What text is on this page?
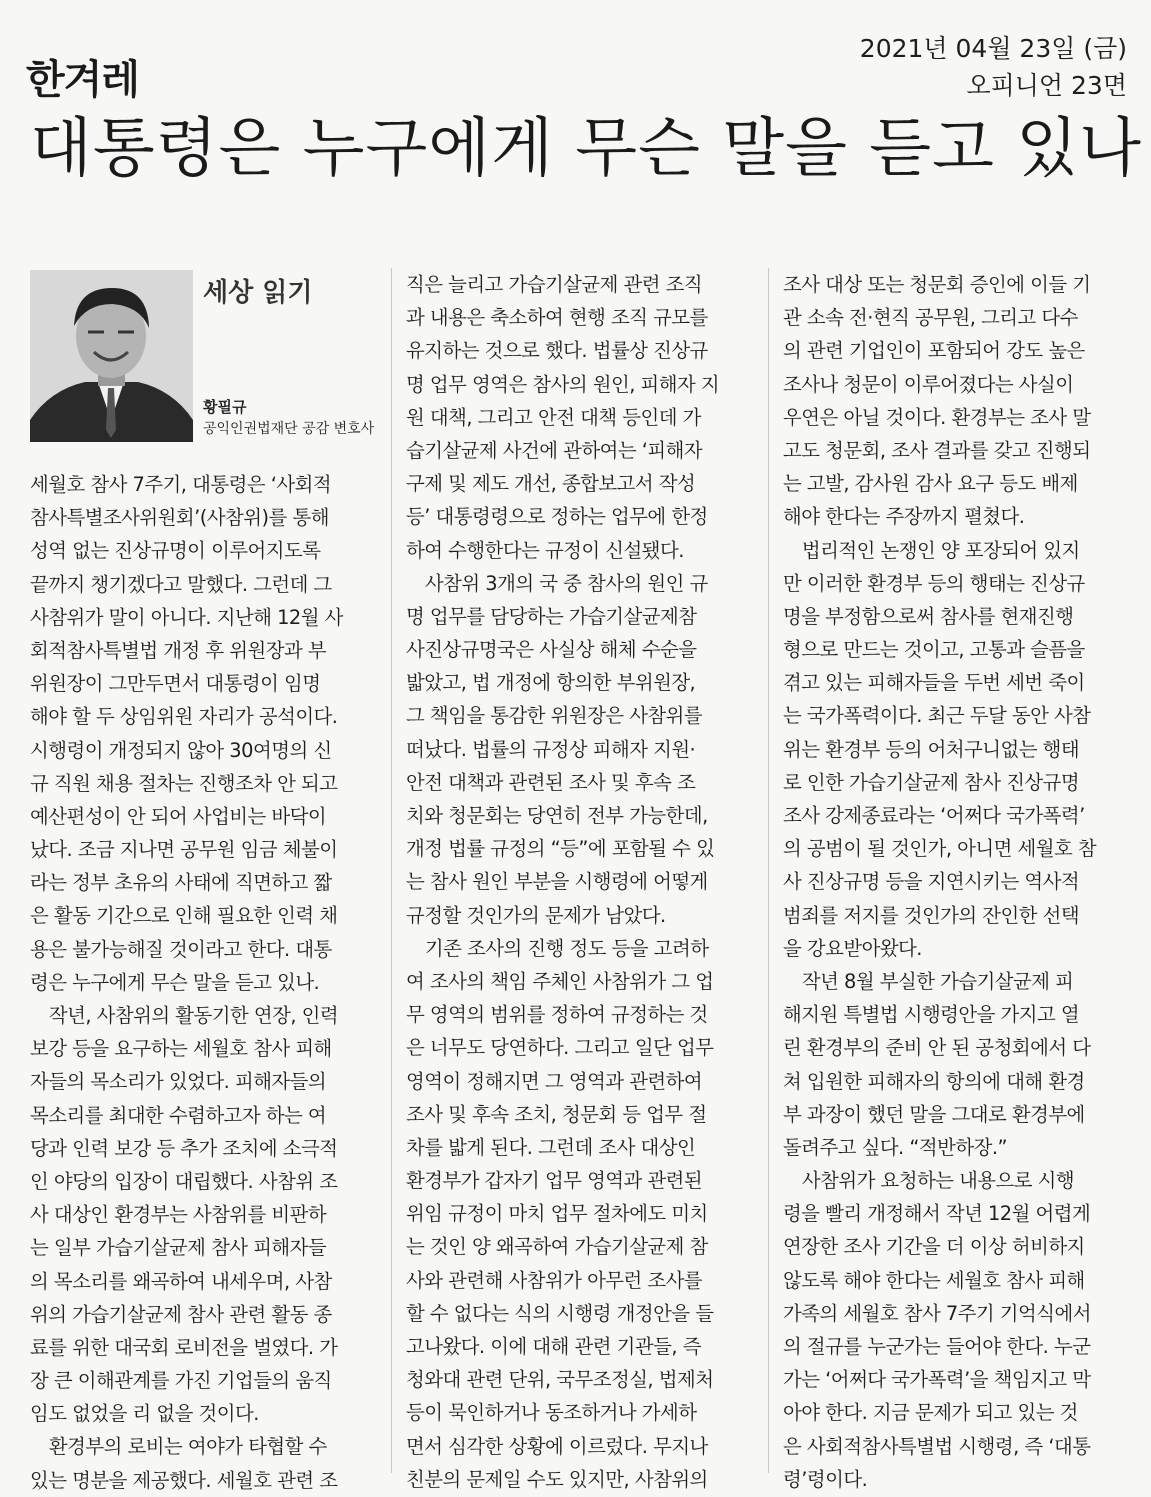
한겨레
2021년 04월 23일 (금)
오피니언 23면
대통령은 누구에게 무슨 말을 듣고 있나
세상 읽기
황필규
공익인권법재단 공감 변호사
세월호 참사 7주기, 대통령은 ‘사회적
참사특별조사위원회’(사참위)를 통해
성역 없는 진상규명이 이루어지도록
끝까지 챙기겠다고 말했다. 그런데 그
사참위가 말이 아니다. 지난해 12월 사
회적참사특별법 개정 후 위원장과 부
위원장이 그만두면서 대통령이 임명
해야 할 두 상임위원 자리가 공석이다.
시행령이 개정되지 않아 30여명의 신
규 직원 채용 절차는 진행조차 안 되고
예산편성이 안 되어 사업비는 바닥이
났다. 조금 지나면 공무원 임금 체불이
라는 정부 초유의 사태에 직면하고 짧
은 활동 기간으로 인해 필요한 인력 채
용은 불가능해질 것이라고 한다. 대통
령은 누구에게 무슨 말을 듣고 있나.
　작년, 사참위의 활동기한 연장, 인력
보강 등을 요구하는 세월호 참사 피해
자들의 목소리가 있었다. 피해자들의
목소리를 최대한 수렴하고자 하는 여
당과 인력 보강 등 추가 조치에 소극적
인 야당의 입장이 대립했다. 사참위 조
사 대상인 환경부는 사참위를 비판하
는 일부 가습기살균제 참사 피해자들
의 목소리를 왜곡하여 내세우며, 사참
위의 가습기살균제 참사 관련 활동 종
료를 위한 대국회 로비전을 벌였다. 가
장 큰 이해관계를 가진 기업들의 움직
임도 없었을 리 없을 것이다.
　환경부의 로비는 여야가 타협할 수
있는 명분을 제공했다. 세월호 관련 조
직은 늘리고 가습기살균제 관련 조직
과 내용은 축소하여 현행 조직 규모를
유지하는 것으로 했다. 법률상 진상규
명 업무 영역은 참사의 원인, 피해자 지
원 대책, 그리고 안전 대책 등인데 가
습기살균제 사건에 관하여는 ‘피해자
구제 및 제도 개선, 종합보고서 작성
등’ 대통령령으로 정하는 업무에 한정
하여 수행한다는 규정이 신설됐다.
　사참위 3개의 국 중 참사의 원인 규
명 업무를 담당하는 가습기살균제참
사진상규명국은 사실상 해체 수순을
밟았고, 법 개정에 항의한 부위원장,
그 책임을 통감한 위원장은 사참위를
떠났다. 법률의 규정상 피해자 지원·
안전 대책과 관련된 조사 및 후속 조
치와 청문회는 당연히 전부 가능한데,
개정 법률 규정의 “등”에 포함될 수 있
는 참사 원인 부분을 시행령에 어떻게
규정할 것인가의 문제가 남았다.
　기존 조사의 진행 정도 등을 고려하
여 조사의 책임 주체인 사참위가 그 업
무 영역의 범위를 정하여 규정하는 것
은 너무도 당연하다. 그리고 일단 업무
영역이 정해지면 그 영역과 관련하여
조사 및 후속 조치, 청문회 등 업무 절
차를 밟게 된다. 그런데 조사 대상인
환경부가 갑자기 업무 영역과 관련된
위임 규정이 마치 업무 절차에도 미치
는 것인 양 왜곡하여 가습기살균제 참
사와 관련해 사참위가 아무런 조사를
할 수 없다는 식의 시행령 개정안을 들
고나왔다. 이에 대해 관련 기관들, 즉
청와대 관련 단위, 국무조정실, 법제처
등이 묵인하거나 동조하거나 가세하
면서 심각한 상황에 이르렀다. 무지나
친분의 문제일 수도 있지만, 사참위의
조사 대상 또는 청문회 증인에 이들 기
관 소속 전·현직 공무원, 그리고 다수
의 관련 기업인이 포함되어 강도 높은
조사나 청문이 이루어졌다는 사실이
우연은 아닐 것이다. 환경부는 조사 말
고도 청문회, 조사 결과를 갖고 진행되
는 고발, 감사원 감사 요구 등도 배제
해야 한다는 주장까지 펼쳤다.
　법리적인 논쟁인 양 포장되어 있지
만 이러한 환경부 등의 행태는 진상규
명을 부정함으로써 참사를 현재진행
형으로 만드는 것이고, 고통과 슬픔을
겪고 있는 피해자들을 두번 세번 죽이
는 국가폭력이다. 최근 두달 동안 사참
위는 환경부 등의 어처구니없는 행태
로 인한 가습기살균제 참사 진상규명
조사 강제종료라는 ‘어쩌다 국가폭력’
의 공범이 될 것인가, 아니면 세월호 참
사 진상규명 등을 지연시키는 역사적
범죄를 저지를 것인가의 잔인한 선택
을 강요받아왔다.
　작년 8월 부실한 가습기살균제 피
해지원 특별법 시행령안을 가지고 열
린 환경부의 준비 안 된 공청회에서 다
쳐 입원한 피해자의 항의에 대해 환경
부 과장이 했던 말을 그대로 환경부에
돌려주고 싶다. “적반하장.”
　사참위가 요청하는 내용으로 시행
령을 빨리 개정해서 작년 12월 어렵게
연장한 조사 기간을 더 이상 허비하지
않도록 해야 한다는 세월호 참사 피해
가족의 세월호 참사 7주기 기억식에서
의 절규를 누군가는 들어야 한다. 누군
가는 ‘어쩌다 국가폭력’을 책임지고 막
아야 한다. 지금 문제가 되고 있는 것
은 사회적참사특별법 시행령, 즉 ‘대통
령’령이다.
